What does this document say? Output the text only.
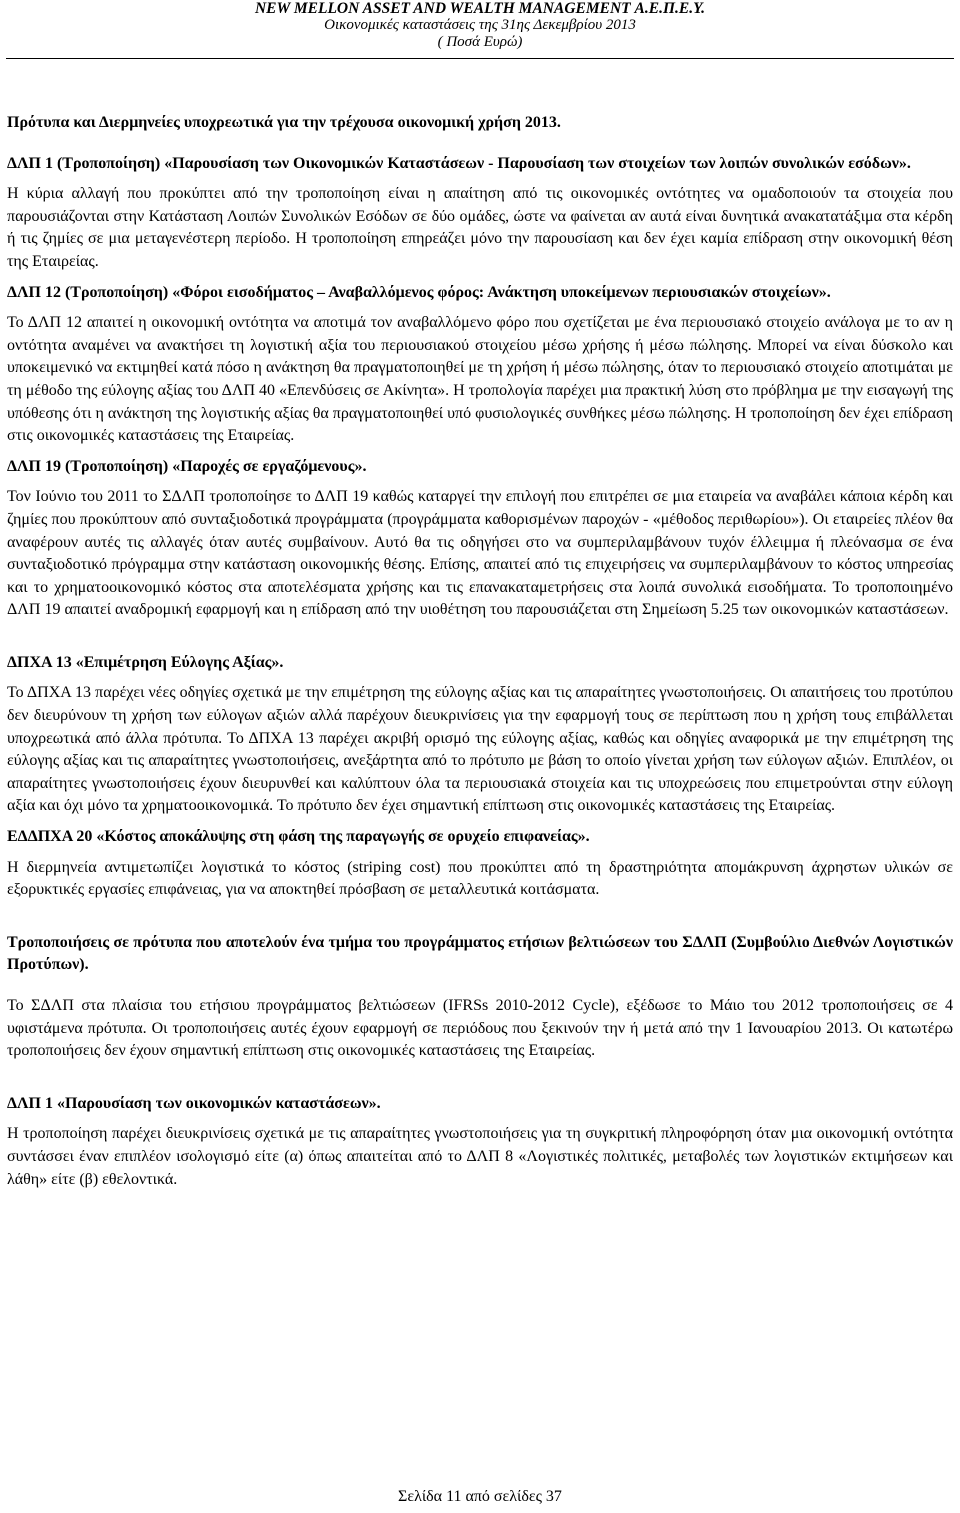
NEW MELLON ASSET AND WEALTH MANAGEMENT Α.Ε.Π.Ε.Υ.
Οικονομικές καταστάσεις της 31ης Δεκεμβρίου 2013
( Ποσά Ευρώ)

Πρότυπα και Διερμηνείες υποχρεωτικά για την τρέχουσα οικονομική χρήση 2013.

ΔΛΠ 1 (Τροποποίηση) «Παρουσίαση των Οικονομικών Καταστάσεων - Παρουσίαση των στοιχείων των λοιπών συνολικών εσόδων».

Η κύρια αλλαγή που προκύπτει από την τροποποίηση είναι η απαίτηση από τις οικονομικές οντότητες να ομαδοποιούν τα στοιχεία που παρουσιάζονται στην Κατάσταση Λοιπών Συνολικών Εσόδων σε δύο ομάδες, ώστε να φαίνεται αν αυτά είναι δυνητικά ανακατατάξιμα στα κέρδη ή τις ζημίες σε μια μεταγενέστερη περίοδο. Η τροποποίηση επηρεάζει μόνο την παρουσίαση και δεν έχει καμία επίδραση στην οικονομική θέση της Εταιρείας.

ΔΛΠ 12 (Τροποποίηση) «Φόροι εισοδήματος – Αναβαλλόμενος φόρος: Ανάκτηση υποκείμενων περιουσιακών στοιχείων».

Το ΔΛΠ 12 απαιτεί η οικονομική οντότητα να αποτιμά τον αναβαλλόμενο φόρο που σχετίζεται με ένα περιουσιακό στοιχείο ανάλογα με το αν η οντότητα αναμένει να ανακτήσει τη λογιστική αξία του περιουσιακού στοιχείου μέσω χρήσης ή μέσω πώλησης. Μπορεί να είναι δύσκολο και υποκειμενικό να εκτιμηθεί κατά πόσο η ανάκτηση θα πραγματοποιηθεί με τη χρήση ή μέσω πώλησης, όταν το περιουσιακό στοιχείο αποτιμάται με τη μέθοδο της εύλογης αξίας του ΔΛΠ 40 «Επενδύσεις σε Ακίνητα». Η τροπολογία παρέχει μια πρακτική λύση στο πρόβλημα με την εισαγωγή της υπόθεσης ότι η ανάκτηση της λογιστικής αξίας θα πραγματοποιηθεί υπό φυσιολογικές συνθήκες μέσω πώλησης. Η τροποποίηση δεν έχει επίδραση στις οικονομικές καταστάσεις της Εταιρείας.

ΔΛΠ 19 (Τροποποίηση) «Παροχές σε εργαζόμενους».

Τον Ιούνιο του 2011 το ΣΔΛΠ τροποποίησε το ΔΛΠ 19 καθώς καταργεί την επιλογή που επιτρέπει σε μια εταιρεία να αναβάλει κάποια κέρδη και ζημίες που προκύπτουν από συνταξιοδοτικά προγράμματα (προγράμματα καθορισμένων παροχών - «μέθοδος περιθωρίου»). Οι εταιρείες πλέον θα αναφέρουν αυτές τις αλλαγές όταν αυτές συμβαίνουν. Αυτό θα τις οδηγήσει στο να συμπεριλαμβάνουν τυχόν έλλειμμα ή πλεόνασμα σε ένα συνταξιοδοτικό πρόγραμμα στην κατάσταση οικονομικής θέσης. Επίσης, απαιτεί από τις επιχειρήσεις να συμπεριλαμβάνουν το κόστος υπηρεσίας και το χρηματοοικονομικό κόστος στα αποτελέσματα χρήσης και τις επανακαταμετρήσεις στα λοιπά συνολικά εισοδήματα. Το τροποποιημένο ΔΛΠ 19 απαιτεί αναδρομική εφαρμογή και η επίδραση από την υιοθέτηση του παρουσιάζεται στη Σημείωση 5.25 των οικονομικών καταστάσεων.

ΔΠΧΑ 13 «Επιμέτρηση Εύλογης Αξίας».

Το ΔΠΧΑ 13 παρέχει νέες οδηγίες σχετικά με την επιμέτρηση της εύλογης αξίας και τις απαραίτητες γνωστοποιήσεις. Οι απαιτήσεις του προτύπου δεν διευρύνουν τη χρήση των εύλογων αξιών αλλά παρέχουν διευκρινίσεις για την εφαρμογή τους σε περίπτωση που η χρήση τους επιβάλλεται υποχρεωτικά από άλλα πρότυπα. Το ΔΠΧΑ 13 παρέχει ακριβή ορισμό της εύλογης αξίας, καθώς και οδηγίες αναφορικά με την επιμέτρηση της εύλογης αξίας και τις απαραίτητες γνωστοποιήσεις, ανεξάρτητα από το πρότυπο με βάση το οποίο γίνεται χρήση των εύλογων αξιών. Επιπλέον, οι απαραίτητες γνωστοποιήσεις έχουν διευρυνθεί και καλύπτουν όλα τα περιουσιακά στοιχεία και τις υποχρεώσεις που επιμετρούνται στην εύλογη αξία και όχι μόνο τα χρηματοοικονομικά. Το πρότυπο δεν έχει σημαντική επίπτωση στις οικονομικές καταστάσεις της Εταιρείας.

ΕΔΔΠΧΑ 20 «Κόστος αποκάλυψης στη φάση της παραγωγής σε ορυχείο επιφανείας».

Η διερμηνεία αντιμετωπίζει λογιστικά το κόστος (striping cost) που προκύπτει από τη δραστηριότητα απομάκρυνση άχρηστων υλικών σε εξορυκτικές εργασίες επιφάνειας, για να αποκτηθεί πρόσβαση σε μεταλλευτικά κοιτάσματα.

Τροποποιήσεις σε πρότυπα που αποτελούν ένα τμήμα του προγράμματος ετήσιων βελτιώσεων του ΣΔΛΠ (Συμβούλιο Διεθνών Λογιστικών Προτύπων).

Το ΣΔΛΠ στα πλαίσια του ετήσιου προγράμματος βελτιώσεων (IFRSs 2010-2012 Cycle), εξέδωσε το Μάιο του 2012 τροποποιήσεις σε 4 υφιστάμενα πρότυπα. Οι τροποποιήσεις αυτές έχουν εφαρμογή σε περιόδους που ξεκινούν την ή μετά από την 1 Ιανουαρίου 2013. Οι κατωτέρω τροποποιήσεις δεν έχουν σημαντική επίπτωση στις οικονομικές καταστάσεις της Εταιρείας.

ΔΛΠ 1 «Παρουσίαση των οικονομικών καταστάσεων».

Η τροποποίηση παρέχει διευκρινίσεις σχετικά με τις απαραίτητες γνωστοποιήσεις για τη συγκριτική πληροφόρηση όταν μια οικονομική οντότητα συντάσσει έναν επιπλέον ισολογισμό είτε (α) όπως απαιτείται από το ΔΛΠ 8 «Λογιστικές πολιτικές, μεταβολές των λογιστικών εκτιμήσεων και λάθη» είτε (β) εθελοντικά.

Σελίδα 11 από σελίδες 37
